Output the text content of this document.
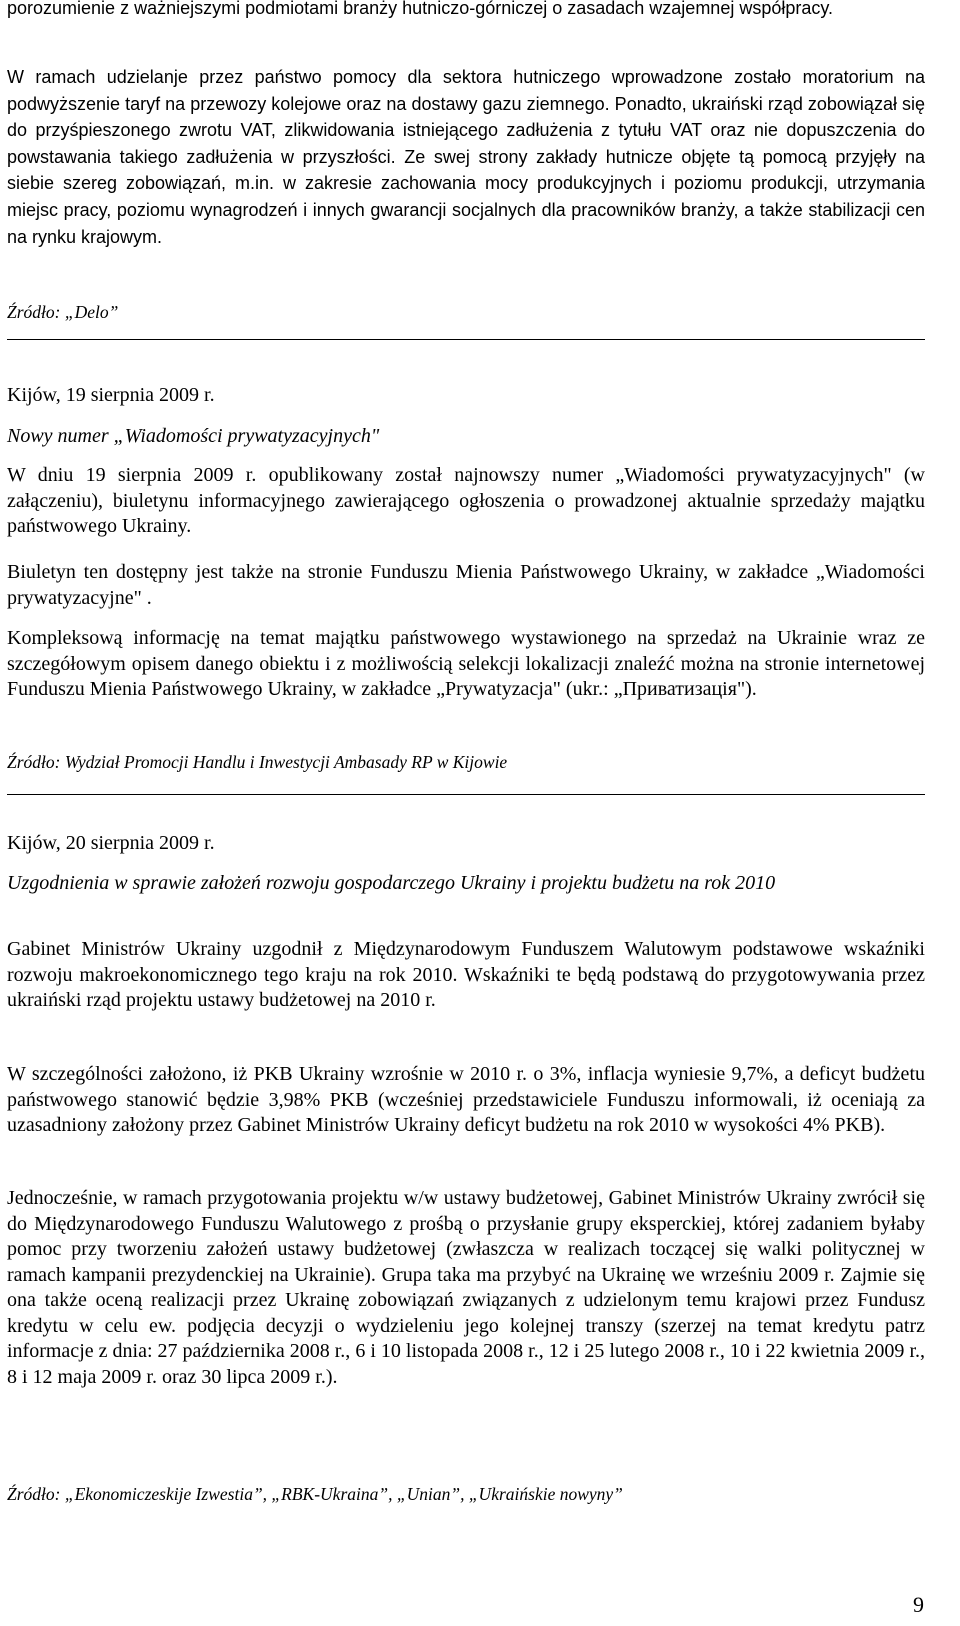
porozumienie z ważniejszymi podmiotami branży hutniczo-górniczej o zasadach wzajemnej współpracy.

W ramach udzielanje przez państwo pomocy dla sektora hutniczego wprowadzone zostało moratorium na podwyższenie taryf na przewozy kolejowe oraz na dostawy gazu ziemnego. Ponadto, ukraiński rząd zobowiązał się do przyśpieszonego zwrotu VAT, zlikwidowania istniejącego zadłużenia z tytułu VAT oraz nie dopuszczenia do powstawania takiego zadłużenia w przyszłości. Ze swej strony zakłady hutnicze objęte tą pomocą przyjęły na siebie szereg zobowiązań, m.in. w zakresie zachowania mocy produkcyjnych i poziomu produkcji, utrzymania miejsc pracy, poziomu wynagrodzeń i innych gwarancji socjalnych dla pracowników branży, a także stabilizacji cen na rynku krajowym.

Źródło: „Delo”

Kijów, 19 sierpnia 2009 r.

Nowy numer „Wiadomości prywatyzacyjnych"

W dniu 19 sierpnia 2009 r. opublikowany został najnowszy numer „Wiadomości prywatyzacyjnych" (w załączeniu), biuletynu informacyjnego zawierającego ogłoszenia o prowadzonej aktualnie sprzedaży majątku państwowego Ukrainy.

Biuletyn ten dostępny jest także na stronie Funduszu Mienia Państwowego Ukrainy, w zakładce „Wiadomości prywatyzacyjne" .

Kompleksową informację na temat majątku państwowego wystawionego na sprzedaż na Ukrainie wraz ze szczegółowym opisem danego obiektu i z możliwością selekcji lokalizacji znaleźć można na stronie internetowej Funduszu Mienia Państwowego Ukrainy, w zakładce „Prywatyzacja" (ukr.: „Приватизація").

Źródło: Wydział Promocji Handlu i Inwestycji Ambasady RP w Kijowie

Kijów, 20 sierpnia 2009 r.

Uzgodnienia w sprawie założeń rozwoju gospodarczego Ukrainy i projektu budżetu na rok 2010

Gabinet Ministrów Ukrainy uzgodnił z Międzynarodowym Funduszem Walutowym podstawowe wskaźniki rozwoju makroekonomicznego tego kraju na rok 2010. Wskaźniki te będą podstawą do przygotowywania przez ukraiński rząd projektu ustawy budżetowej na 2010 r.

W szczególności założono, iż PKB Ukrainy wzrośnie w 2010 r. o 3%, inflacja wyniesie 9,7%, a deficyt budżetu państwowego stanowić będzie 3,98% PKB (wcześniej przedstawiciele Funduszu informowali, iż oceniają za uzasadniony założony przez Gabinet Ministrów Ukrainy deficyt budżetu na rok 2010 w wysokości 4% PKB).

Jednocześnie, w ramach przygotowania projektu w/w ustawy budżetowej, Gabinet Ministrów Ukrainy zwrócił się do Międzynarodowego Funduszu Walutowego z prośbą o przysłanie grupy eksperckiej, której zadaniem byłaby pomoc przy tworzeniu założeń ustawy budżetowej (zwłaszcza w realizach toczącej się walki politycznej w ramach kampanii prezydenckiej na Ukrainie). Grupa taka ma przybyć na Ukrainę we wrześniu 2009 r. Zajmie się ona także oceną realizacji przez Ukrainę zobowiązań związanych z udzielonym temu krajowi przez Fundusz kredytu w celu ew. podjęcia decyzji o wydzieleniu jego kolejnej transzy (szerzej na temat kredytu patrz informacje z dnia: 27 października 2008 r., 6 i 10 listopada 2008 r., 12 i 25 lutego 2008 r., 10 i 22 kwietnia 2009 r., 8 i 12 maja 2009 r. oraz 30 lipca 2009 r.).

Źródło: „Ekonomiczeskije Izwestia”, „RBK-Ukraina”, „Unian”, „Ukraińskie nowyny”

9
